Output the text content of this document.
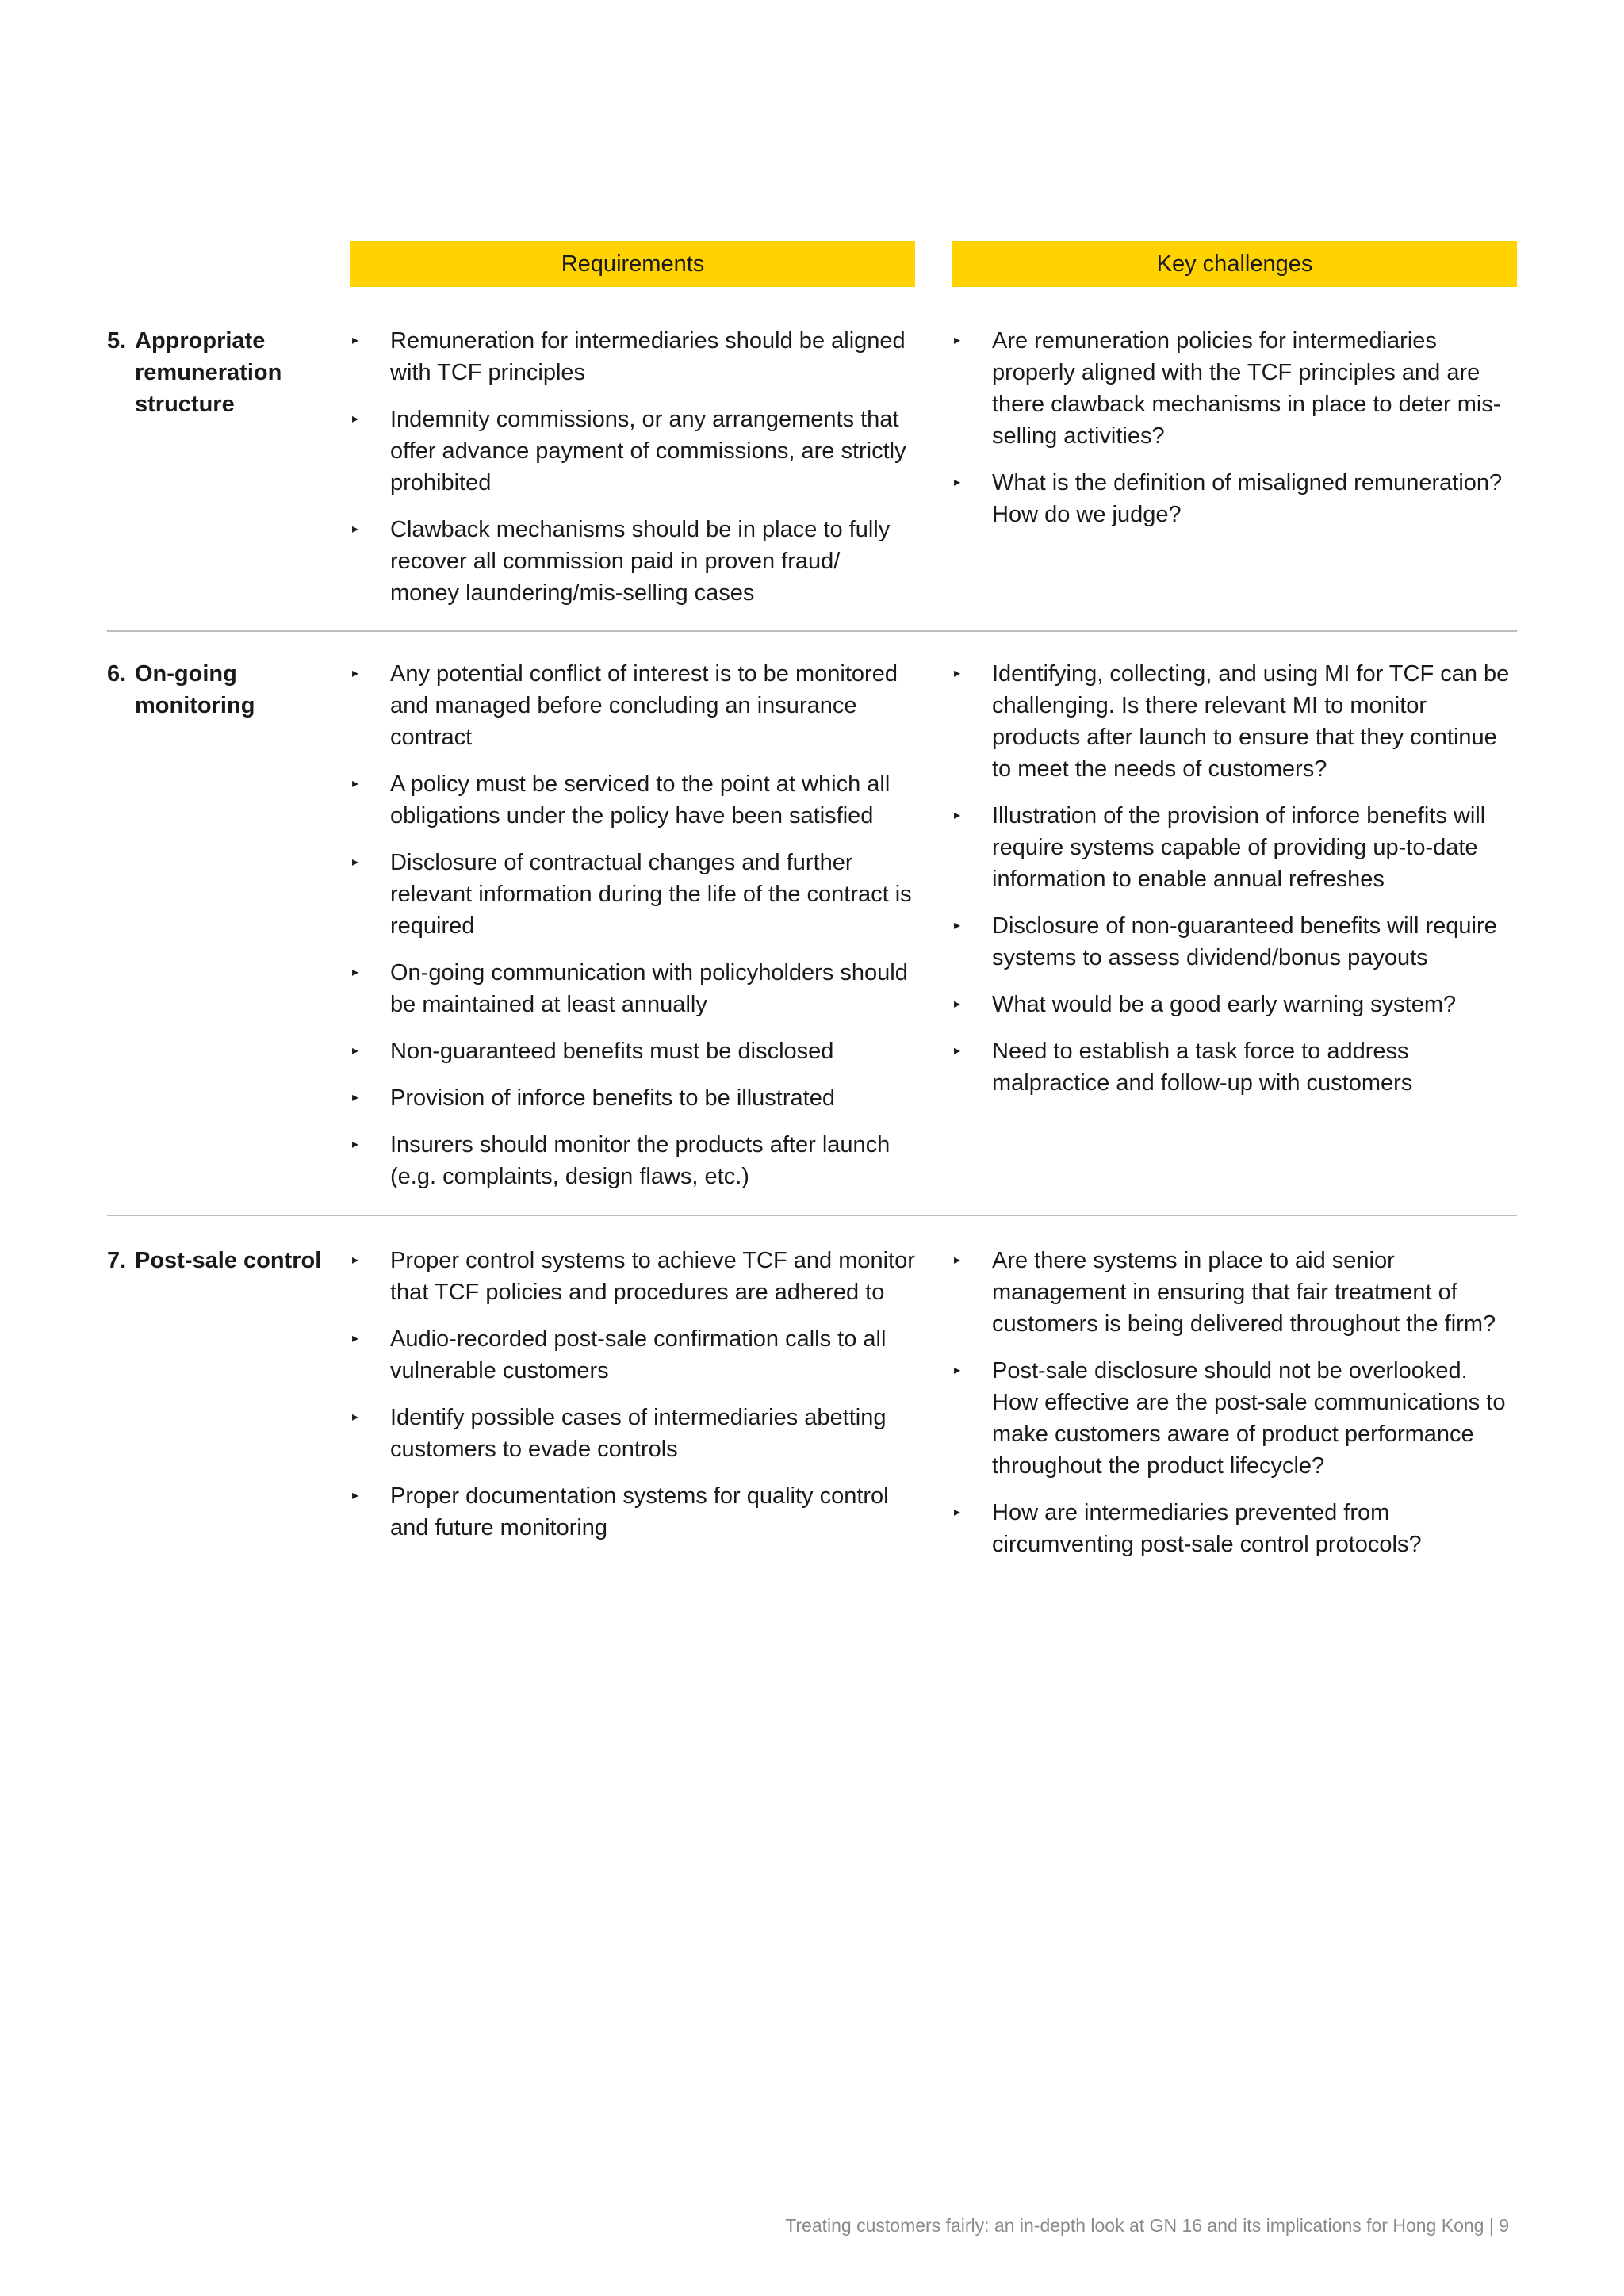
Requirements	Key challenges
5. Appropriate remuneration structure
▸ Remuneration for intermediaries should be aligned with TCF principles
▸ Indemnity commissions, or any arrangements that offer advance payment of commissions, are strictly prohibited
▸ Clawback mechanisms should be in place to fully recover all commission paid in proven fraud/ money laundering/mis-selling cases
▸ Are remuneration policies for intermediaries properly aligned with the TCF principles and are there clawback mechanisms in place to deter mis-selling activities?
▸ What is the definition of misaligned remuneration? How do we judge?
6. On-going monitoring
▸ Any potential conflict of interest is to be monitored and managed before concluding an insurance contract
▸ A policy must be serviced to the point at which all obligations under the policy have been satisfied
▸ Disclosure of contractual changes and further relevant information during the life of the contract is required
▸ On-going communication with policyholders should be maintained at least annually
▸ Non-guaranteed benefits must be disclosed
▸ Provision of inforce benefits to be illustrated
▸ Insurers should monitor the products after launch (e.g. complaints, design flaws, etc.)
▸ Identifying, collecting, and using MI for TCF can be challenging. Is there relevant MI to monitor products after launch to ensure that they continue to meet the needs of customers?
▸ Illustration of the provision of inforce benefits will require systems capable of providing up-to-date information to enable annual refreshes
▸ Disclosure of non-guaranteed benefits will require systems to assess dividend/bonus payouts
▸ What would be a good early warning system?
▸ Need to establish a task force to address malpractice and follow-up with customers
7. Post-sale control	▸ Proper control systems to achieve TCF and monitor that TCF policies and procedures are adhered to
▸ Audio-recorded post-sale confirmation calls to all vulnerable customers
▸ Identify possible cases of intermediaries abetting customers to evade controls
▸ Proper documentation systems for quality control and future monitoring
▸ Are there systems in place to aid senior management in ensuring that fair treatment of customers is being delivered throughout the firm?
▸ Post-sale disclosure should not be overlooked. How effective are the post-sale communications to make customers aware of product performance throughout the product lifecycle?
▸ How are intermediaries prevented from circumventing post-sale control protocols?
Treating customers fairly: an in-depth look at GN 16 and its implications for Hong Kong | 9
